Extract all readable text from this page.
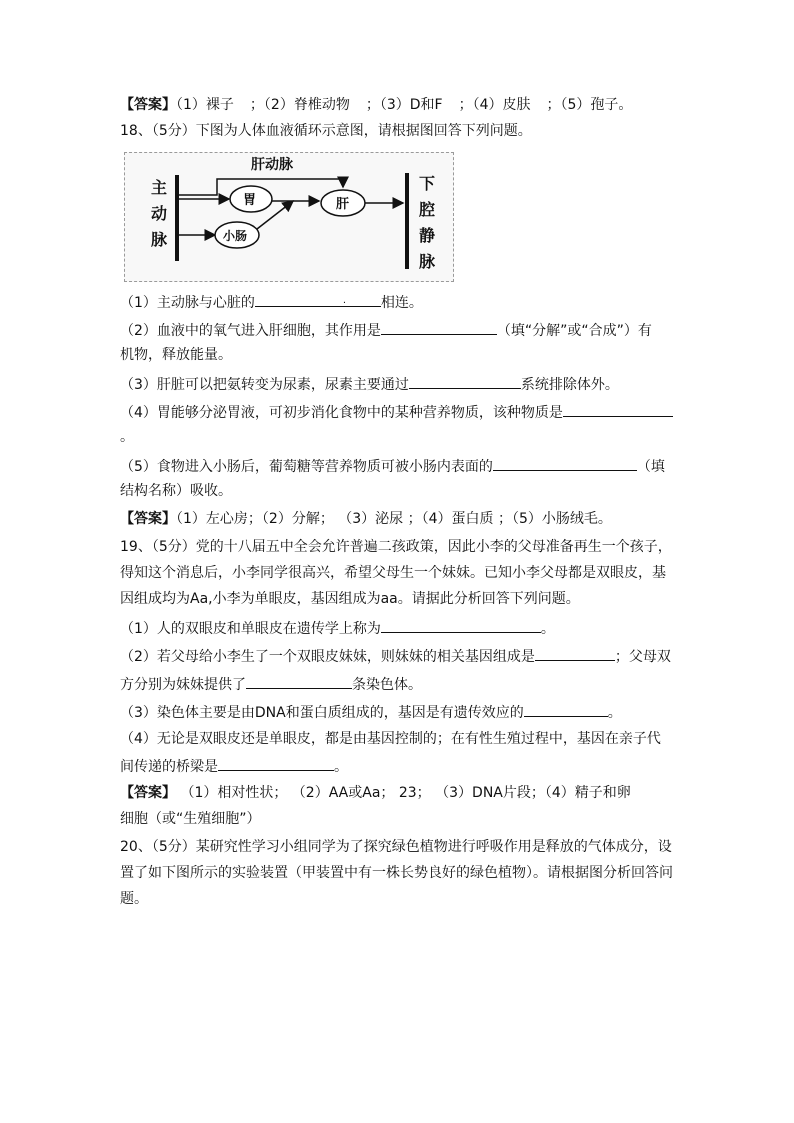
【答案】（1）裸子 ；（2）脊椎动物 ；（3）D和F ；（4）皮肤 ；（5）孢子。
18、（5分）下图为人体血液循环示意图，请根据图回答下列问题。
主
动
脉
肝动脉
胃
小肠
肝
下
腔
静
脉
（1）主动脉与心脏的	. 相连。
（2）血液中的氧气进入肝细胞，其作用是	（填“分解”或“合成”）有
机物，释放能量。
（3）肝脏可以把氨转变为尿素，尿素主要通过	系统排除体外。
（4）胃能够分泌胃液，可初步消化食物中的某种营养物质，该种物质是
。
（5）食物进入小肠后，葡萄糖等营养物质可被小肠内表面的	（填
结构名称）吸收。
【答案】（1）左心房；（2）分解； （3）泌尿 ；（4）蛋白质 ；（5）小肠绒毛。
19、（5分）党的十八届五中全会允许普遍二孩政策，因此小李的父母准备再生一个孩子，
得知这个消息后，小李同学很高兴，希望父母生一个妹妹。已知小李父母都是双眼皮，基
因组成均为Aa,小李为单眼皮，基因组成为aa。请据此分析回答下列问题。
（1）人的双眼皮和单眼皮在遗传学上称为	。
（2）若父母给小李生了一个双眼皮妹妹，则妹妹的相关基因组成是	；父母双
方分别为妹妹提供了	条染色体。
（3）染色体主要是由DNA和蛋白质组成的，基因是有遗传效应的	。
（4）无论是双眼皮还是单眼皮，都是由基因控制的；在有性生殖过程中，基因在亲子代
间传递的桥梁是	。
【答案】 （1）相对性状； （2）AA或Aa； 23； （3）DNA片段；（4）精子和卵
细胞（或“生殖细胞”）
20、（5分）某研究性学习小组同学为了探究绿色植物进行呼吸作用是释放的气体成分，设
置了如下图所示的实验装置（甲装置中有一株长势良好的绿色植物）。请根据图分析回答问
题。
